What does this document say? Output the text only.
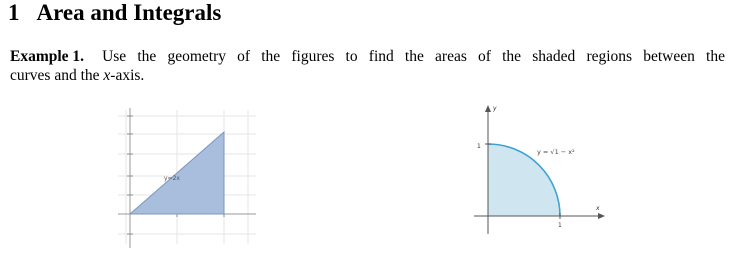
1 Area and Integrals
Example 1. Use the geometry of the figures to find the areas of the shaded regions between the
curves and the x-axis.
y=2x
y
x
1
1
y = √1 − x²
